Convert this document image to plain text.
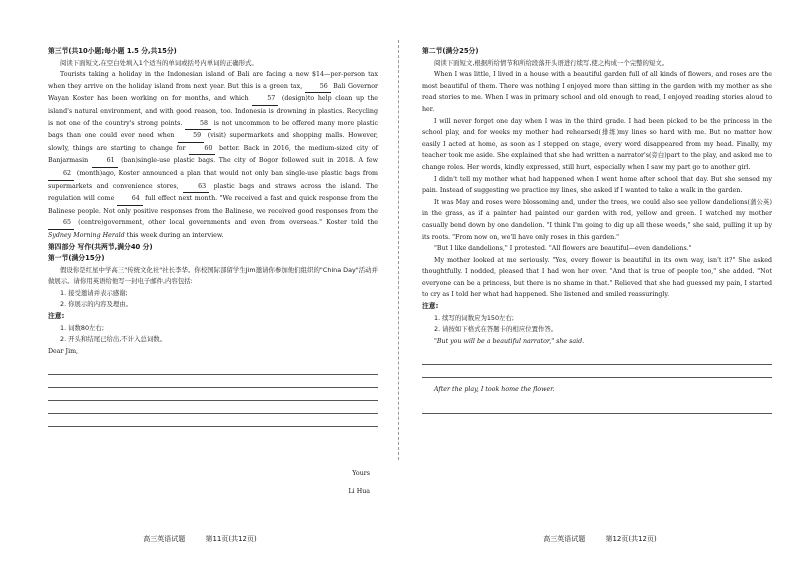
第三节(共10小题;每小题 1.5 分,共15分)

阅读下面短文,在空白处填入1个适当的单词或括号内单词的正确形式。

Tourists taking a holiday in the Indonesian island of Bali are facing a new $14—per-person tax when they arrive on the holiday island from next year. But this is a green tax, 56 Bali Governor Wayan Koster has been working on for months, and which 57 (design)to help clean up the island's natural environment, and with good reason, too. Indonesia is drowning in plastics. Recycling is not one of the country's strong points. 58 is not uncommon to be offered many more plastic bags than one could ever need when 59 (visit) supermarkets and shopping malls. However, slowly, things are starting to change for 60 better. Back in 2016, the medium-sized city of Banjarmasin 61 (ban)single-use plastic bags. The city of Bogor followed suit in 2018. A few 62 (month)ago, Koster announced a plan that would not only ban single-use plastic bags from supermarkets and convenience stores, 63 plastic bags and straws across the island. The regulation will come 64 full effect next month. "We received a fast and quick response from the Balinese people. Not only positive responses from the Balinese, we received good responses from the 65 (centre)government, other local governments and even from overseas." Koster told the Sydney Morning Herald this week during an interview.

第四部分 写作(共两节,满分40 分)

第一节(满分15分)

假设你是红星中学高三"传统文化社"社长李华。你校国际部留学生Jim邀请你参加他们组织的"China Day"活动并做展示。请你用英语给他写一封电子邮件,内容包括:

1. 接受邀请并表示感谢;
2. 你展示的内容及理由。

注意:

1. 词数80左右;
2. 开头和结尾已给出,不计入总词数。

Dear Jim,

Yours

Li Hua

高三英语试题	第11页(共12页)

第二节(满分25分)

阅读下面短文,根据所给情节和所给段落开头语进行续写,使之构成一个完整的短文。

When I was little, I lived in a house with a beautiful garden full of all kinds of flowers, and roses are the most beautiful of them. There was nothing I enjoyed more than sitting in the garden with my mother as she read stories to me. When I was in primary school and old enough to read, I enjoyed reading stories aloud to her.

I will never forget one day when I was in the third grade. I had been picked to be the princess in the school play, and for weeks my mother had rehearsed(排练)my lines so hard with me. But no matter how easily I acted at home, as soon as I stepped on stage, every word disappeared from my head. Finally, my teacher took me aside. She explained that she had written a narrator's(旁白)part to the play, and asked me to change roles. Her words, kindly expressed, still hurt, especially when I saw my part go to another girl.

I didn't tell my mother what had happened when I went home after school that day. But she sensed my pain. Instead of suggesting we practice my lines, she asked if I wanted to take a walk in the garden.

It was May and roses were blossoming and, under the trees, we could also see yellow dandelions(蒲公英) in the grass, as if a painter had painted our garden with red, yellow and green. I watched my mother casually bend down by one dandelion. "I think I'm going to dig up all these weeds," she said, pulling it up by its roots. "From now on, we'll have only roses in this garden."

"But I like dandelions," I protested. "All flowers are beautiful—even dandelions."

My mother looked at me seriously. "Yes, every flower is beautiful in its own way, isn't it?" She asked thoughtfully. I nodded, pleased that I had won her over. "And that is true of people too," she added. "Not everyone can be a princess, but there is no shame in that." Relieved that she had guessed my pain, I started to cry as I told her what had happened. She listened and smiled reassuringly.

注意:

1. 续写的词数应为150左右;
2. 请按如下格式在答题卡的相应位置作答。

"But you will be a beautiful narrator," she said.

After the play, I took home the flower.

高三英语试题	第12页(共12页)
